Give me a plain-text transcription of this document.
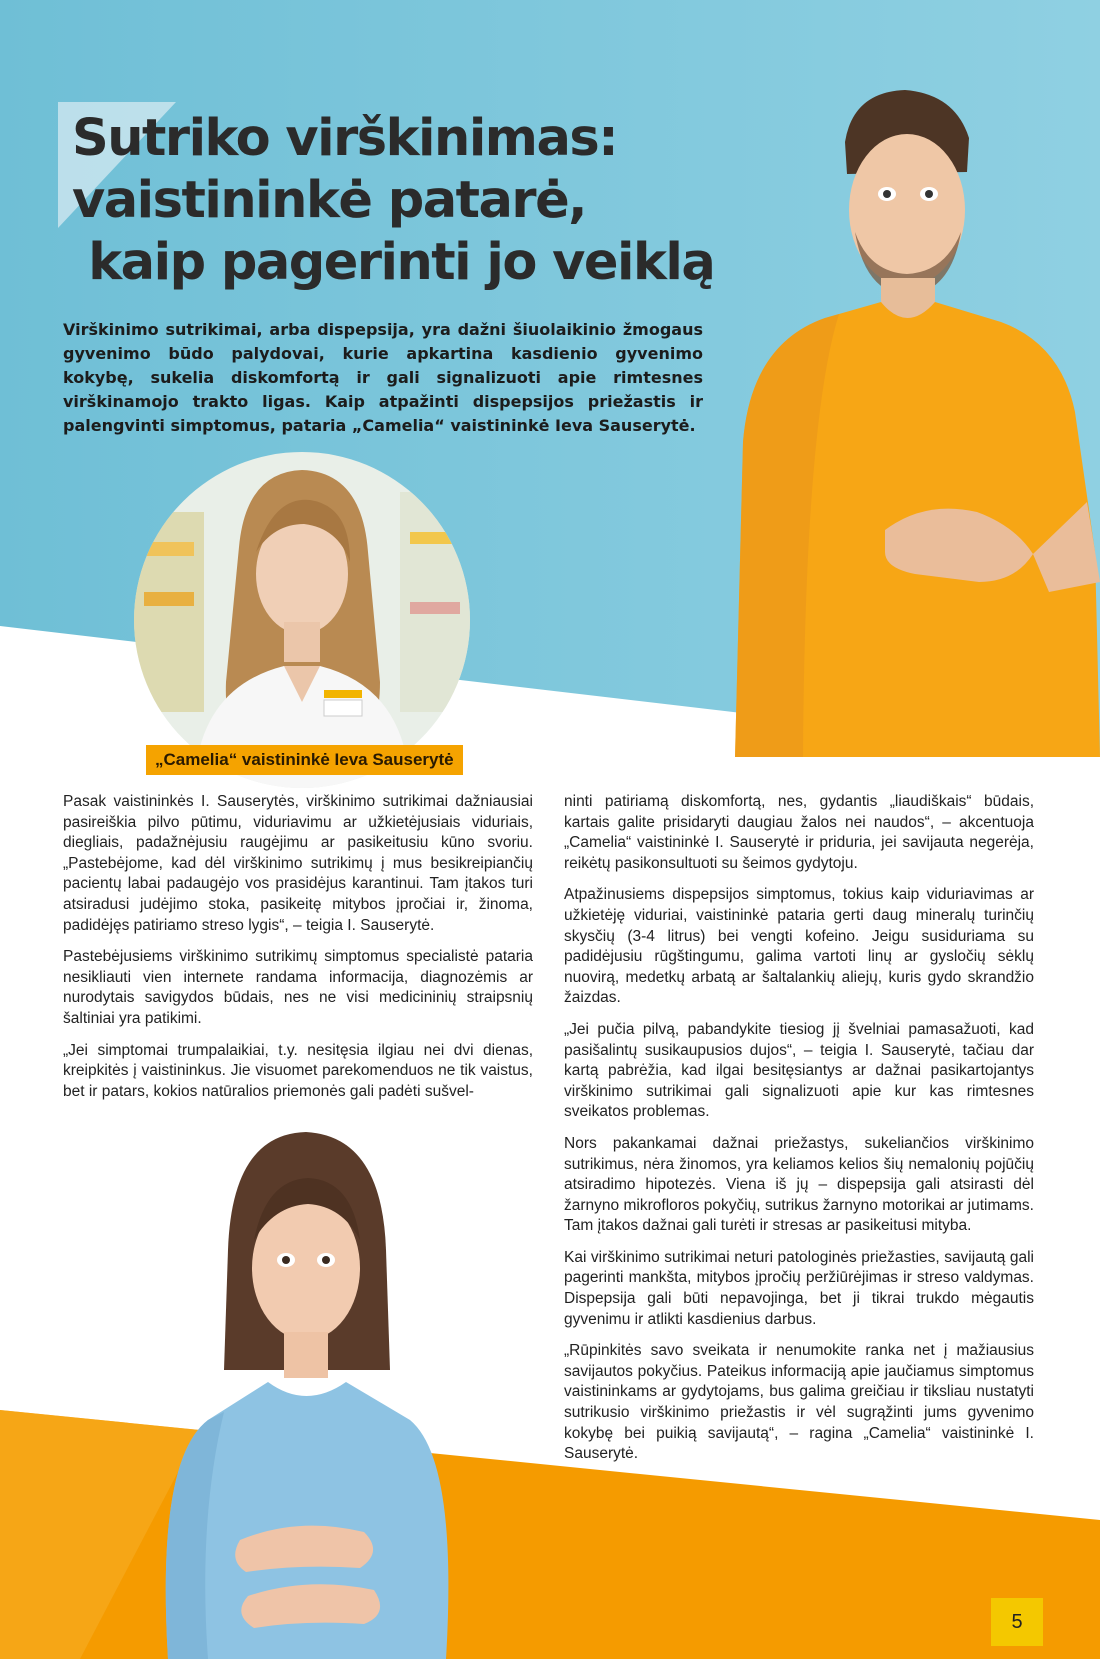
Sutriko virškinimas:
vaistininkė patarė,
kaip pagerinti jo veiklą

Virškinimo sutrikimai, arba dispepsija, yra dažni šiuolaikinio žmogaus gyvenimo būdo palydovai, kurie apkartina kasdienio gyvenimo kokybę, sukelia diskomfortą ir gali signalizuoti apie rimtesnes virškinamojo trakto ligas. Kaip atpažinti dispepsijos priežastis ir palengvinti simptomus, pataria „Camelia“ vaistininkė Ieva Sauserytė.

„Camelia“ vaistininkė Ieva Sauserytė

Pasak vaistininkės I. Sauserytės, virškinimo sutrikimai dažniausiai pasireiškia pilvo pūtimu, viduriavimu ar užkietėjusiais viduriais, diegliais, padažnėjusiu raugėjimu ar pasikeitusiu kūno svoriu. „Pastebėjome, kad dėl virškinimo sutrikimų į mus besikreipiančių pacientų labai padaugėjo vos prasidėjus karantinui. Tam įtakos turi atsiradusi judėjimo stoka, pasikeitę mitybos įpročiai ir, žinoma, padidėjęs patiriamo streso lygis“, – teigia I. Sauserytė.

Pastebėjusiems virškinimo sutrikimų simptomus specialistė pataria nesikliauti vien internete randama informacija, diagnozėmis ar nurodytais savigydos būdais, nes ne visi medicininių straipsnių šaltiniai yra patikimi.

„Jei simptomai trumpalaikiai, t.y. nesitęsia ilgiau nei dvi dienas, kreipkitės į vaistininkus. Jie visuomet parekomenduos ne tik vaistus, bet ir patars, kokios natūralios priemonės gali padėti sušvel-

ninti patiriamą diskomfortą, nes, gydantis „liaudiškais“ būdais, kartais galite prisidaryti daugiau žalos nei naudos“, – akcentuoja „Camelia“ vaistininkė I. Sauserytė ir priduria, jei savijauta negerėja, reikėtų pasikonsultuoti su šeimos gydytoju.

Atpažinusiems dispepsijos simptomus, tokius kaip viduriavimas ar užkietėję viduriai, vaistininkė pataria gerti daug mineralų turinčių skysčių (3-4 litrus) bei vengti kofeino. Jeigu susiduriama su padidėjusiu rūgštingumu, galima vartoti linų ar gysločių sėklų nuovirą, medetkų arbatą ar šaltalankių aliejų, kuris gydo skrandžio žaizdas.

„Jei pučia pilvą, pabandykite tiesiog jį švelniai pamasažuoti, kad pasišalintų susikaupusios dujos“, – teigia I. Sauserytė, tačiau dar kartą pabrėžia, kad ilgai besitęsiantys ar dažnai pasikartojantys virškinimo sutrikimai gali signalizuoti apie kur kas rimtesnes sveikatos problemas.

Nors pakankamai dažnai priežastys, sukeliančios virškinimo sutrikimus, nėra žinomos, yra keliamos kelios šių nemalonių pojūčių atsiradimo hipotezės. Viena iš jų – dispepsija gali atsirasti dėl žarnyno mikrofloros pokyčių, sutrikus žarnyno motorikai ar jutimams. Tam įtakos dažnai gali turėti ir stresas ar pasikeitusi mityba.

Kai virškinimo sutrikimai neturi patologinės priežasties, savijautą gali pagerinti mankšta, mitybos įpročių peržiūrėjimas ir streso valdymas. Dispepsija gali būti nepavojinga, bet ji tikrai trukdo mėgautis gyvenimu ir atlikti kasdienius darbus.

„Rūpinkitės savo sveikata ir nenumokite ranka net į mažiausius savijautos pokyčius. Pateikus informaciją apie jaučiamus simptomus vaistininkams ar gydytojams, bus galima greičiau ir tiksliau nustatyti sutrikusio virškinimo priežastis ir vėl sugrąžinti jums gyvenimo kokybę bei puikią savijautą“, – ragina „Camelia“ vaistininkė I. Sauserytė.

5
